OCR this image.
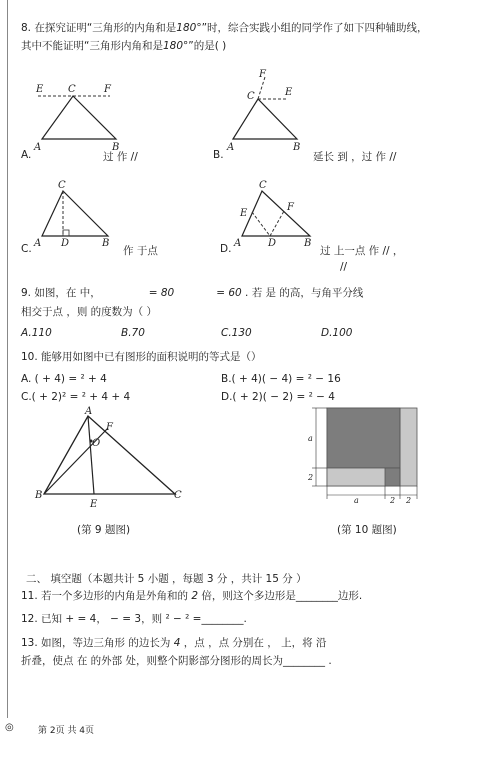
8. 在探究证明“三角形的内角和是180°”时，综合实践小组的同学作了如下四种辅助线，
其中不能证明“三角形内角和是180°”的是( )
E C	F
A	B
F
C	E
A	B
A.	过 作 //	B.	延长 到 ，过 作 //
C
A D	B
C
E
F
A	D	B
C.	作 于点	D.	过 上一点 作 // ，
//
9. 如图，在 中，	= 80	= 60 . 若 是 的高，与角平分线
相交于点 ，则 的度数为（ ）
A.110	B.70	C.130	D.100
10. 能够用如图中已有图形的面积说明的等式是（）
A. ( + 4) = ² + 4	B.( + 4)( − 4) = ² − 16
C.( + 2)² = ² + 4 + 4	D.( + 2)( − 2) = ² − 4
A
O
F
B
E
C
(第 9 题图)
a
2
a	2 2
(第 10 题图)
二、 填空题（本题共计 5 小题 ，每题 3 分 ，共计 15 分 ）
11. 若一个多边形的内角是外角和的 2 倍，则这个多边形是________边形.
12. 已知 + = 4， − = 3，则 ² − ² =________.
13. 如图，等边三角形 的边长为 4 ，点 ，点 分别在 ， 上，将 沿
折叠，使点 在 的外部 处，则整个阴影部分图形的周长为________ .
◎	第 2页 共 4页
